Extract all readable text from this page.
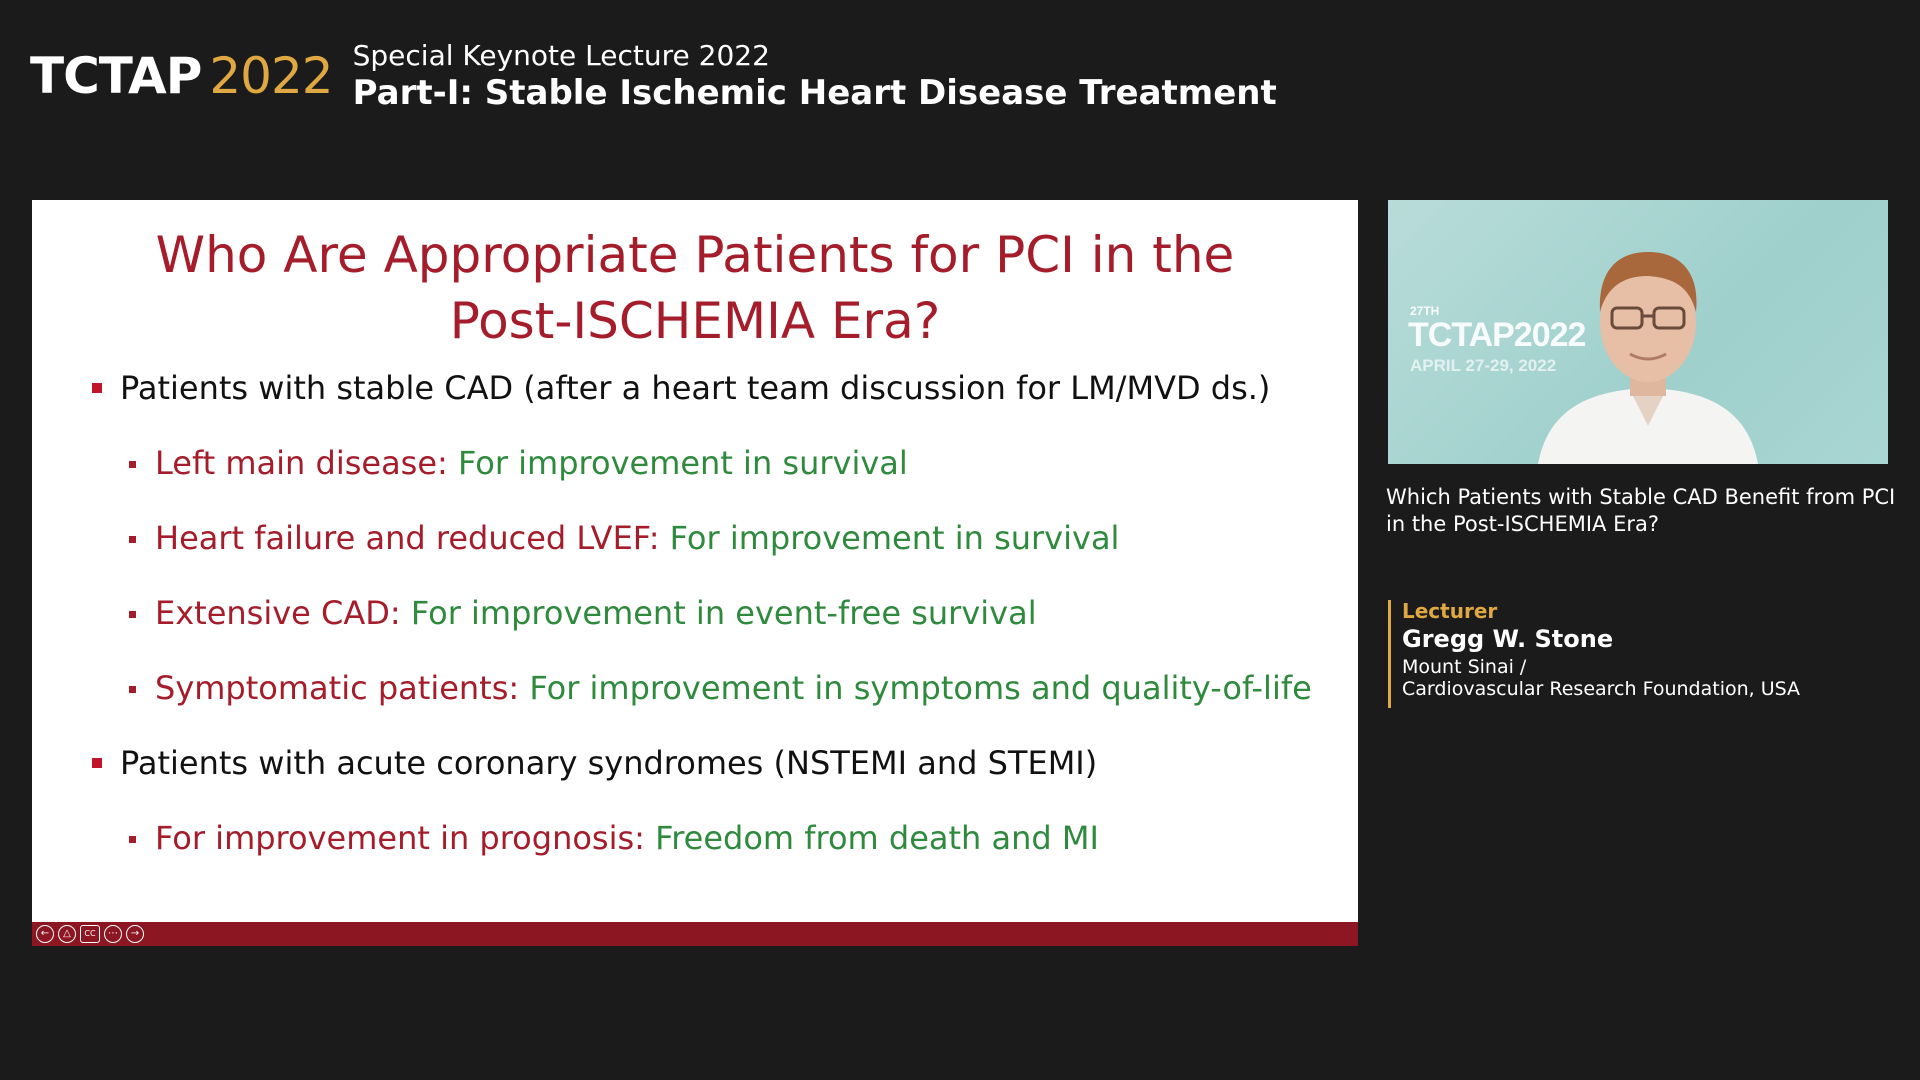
TCTAP 2022 Special Keynote Lecture 2022
Part-I: Stable Ischemic Heart Disease Treatment
Who Are Appropriate Patients for PCI in the
Post-ISCHEMIA Era?
Patients with stable CAD (after a heart team discussion for LM/MVD ds.)
Left main disease: For improvement in survival
Heart failure and reduced LVEF: For improvement in survival
Extensive CAD: For improvement in event-free survival
Symptomatic patients: For improvement in symptoms and quality-of-life
Patients with acute coronary syndromes (NSTEMI and STEMI)
For improvement in prognosis: Freedom from death and MI
←	△	CC	⋯	→
27TH
TCTAP2022
APRIL 27-29, 2022
Which Patients with Stable CAD Benefit from PCI in the Post-ISCHEMIA Era?
Lecturer
Gregg W. Stone
Mount Sinai /
Cardiovascular Research Foundation, USA
